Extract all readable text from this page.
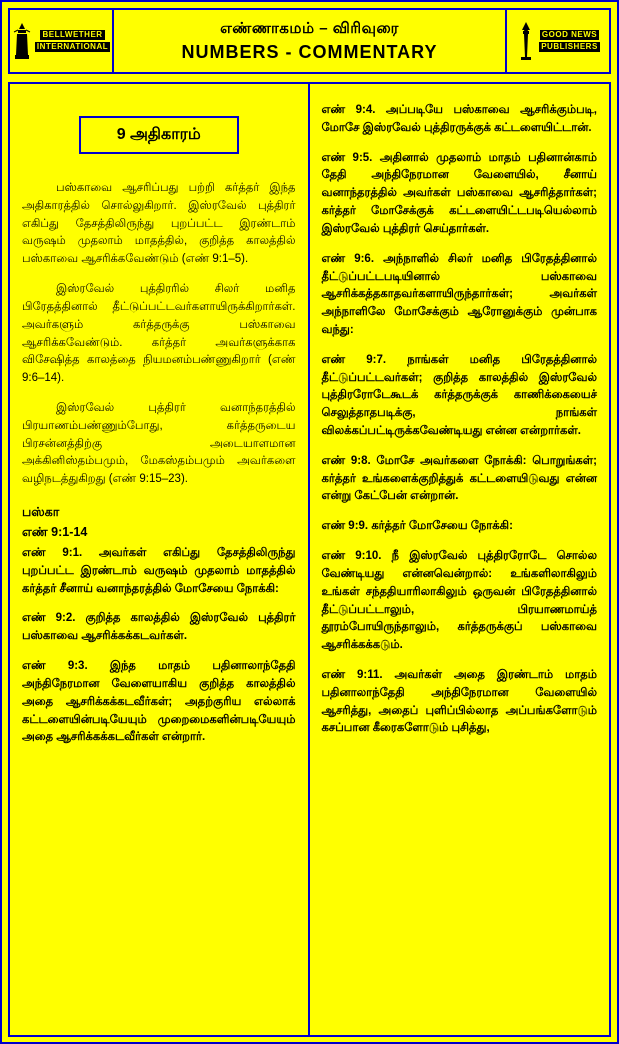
BELLWETHER
INTERNATIONAL
எண்ணாகமம் – விரிவுரை
NUMBERS - COMMENTARY
GOOD NEWS
PUBLISHERS
9 அதிகாரம்

பஸ்காவை ஆசரிப்பது பற்றி கர்த்தர் இந்த அதிகாரத்தில் சொல்லுகிறார். இஸ்ரவேல் புத்திரர் எகிப்து தேசத்திலிருந்து புறப்பட்ட இரண்டாம் வருஷம் முதலாம் மாதத்தில், குறித்த காலத்தில் பஸ்காவை ஆசரிக்கவேண்டும் (எண் 9:1–5).

இஸ்ரவேல் புத்திரரில் சிலர் மனித பிரேதத்தினால் தீட்டுப்பட்டவர்களாயிருக்கிறார்கள். அவர்களும் கர்த்தருக்கு பஸ்காவை ஆசரிக்கவேண்டும். கர்த்தர் அவர்களுக்காக விசேஷித்த காலத்தை நியமனம்பண்ணுகிறார் (எண் 9:6–14).

இஸ்ரவேல் புத்திரர் வனாந்தரத்தில் பிரயாணம்பண்ணும்போது, கர்த்தருடைய பிரசன்னத்திற்கு அடையாளமான அக்கினிஸ்தம்பமும், மேகஸ்தம்பமும் அவர்களை வழிநடத்துகிறது (எண் 9:15–23).

பஸ்கா
எண் 9:1-14

எண் 9:1. அவர்கள் எகிப்து தேசத்திலிருந்து புறப்பட்ட இரண்டாம் வருஷம் முதலாம் மாதத்தில் கர்த்தர் சீனாய் வனாந்தரத்தில் மோசேயை நோக்கி:

எண் 9:2. குறித்த காலத்தில் இஸ்ரவேல் புத்திரர் பஸ்காவை ஆசரிக்கக்கடவர்கள்.

எண் 9:3. இந்த மாதம் பதினாலாந்தேதி அந்திநேரமான வேளையாகிய குறித்த காலத்தில் அதை ஆசரிக்கக்கடவீர்கள்; அதற்குரிய எல்லாக் கட்டளையின்படியேயும் முறைமைகளின்படியேயும் அதை ஆசரிக்கக்கடவீர்கள் என்றார்.

எண் 9:4. அப்படியே பஸ்காவை ஆசரிக்கும்படி, மோசே இஸ்ரவேல் புத்திரருக்குக் கட்டளையிட்டான்.

எண் 9:5. அதினால் முதலாம் மாதம் பதினான்காம் தேதி அந்திநேரமான வேளையில், சீனாய் வனாந்தரத்தில் அவர்கள் பஸ்காவை ஆசரித்தார்கள்; கர்த்தர் மோசேக்குக் கட்டளையிட்டபடியெல்லாம் இஸ்ரவேல் புத்திரர் செய்தார்கள்.

எண் 9:6. அந்நாளில் சிலர் மனித பிரேதத்தினால் தீட்டுப்பட்டபடியினால் பஸ்காவை ஆசரிக்கத்தகாதவர்களாயிருந்தார்கள்; அவர்கள் அந்நாளிலே மோசேக்கும் ஆரோனுக்கும் முன்பாக வந்து:

எண் 9:7. நாங்கள் மனித பிரேதத்தினால் தீட்டுப்பட்டவர்கள்; குறித்த காலத்தில் இஸ்ரவேல் புத்திரரோடேகூடக் கர்த்தருக்குக் காணிக்கையைச் செலுத்தாதபடிக்கு, நாங்கள் விலக்கப்பட்டிருக்கவேண்டியது என்ன என்றார்கள்.

எண் 9:8. மோசே அவர்களை நோக்கி: பொறுங்கள்; கர்த்தர் உங்களைக்குறித்துக் கட்டளையிடுவது என்ன என்று கேட்பேன் என்றான்.

எண் 9:9. கர்த்தர் மோசேயை நோக்கி:

எண் 9:10. நீ இஸ்ரவேல் புத்திரரோடே சொல்ல வேண்டியது என்னவென்றால்: உங்களிலாகிலும் உங்கள் சந்ததியாரிலாகிலும் ஒருவன் பிரேதத்தினால் தீட்டுப்பட்டாலும், பிரயாணமாய்த் தூரம்போயிருந்தாலும், கர்த்தருக்குப் பஸ்காவை ஆசரிக்கக்கடும்.

எண் 9:11. அவர்கள் அதை இரண்டாம் மாதம் பதினாலாந்தேதி அந்திநேரமான வேளையில் ஆசரித்து, அதைப் புளிப்பில்லாத அப்பங்களோடும் கசப்பான கீரைகளோடும் புசித்து,
